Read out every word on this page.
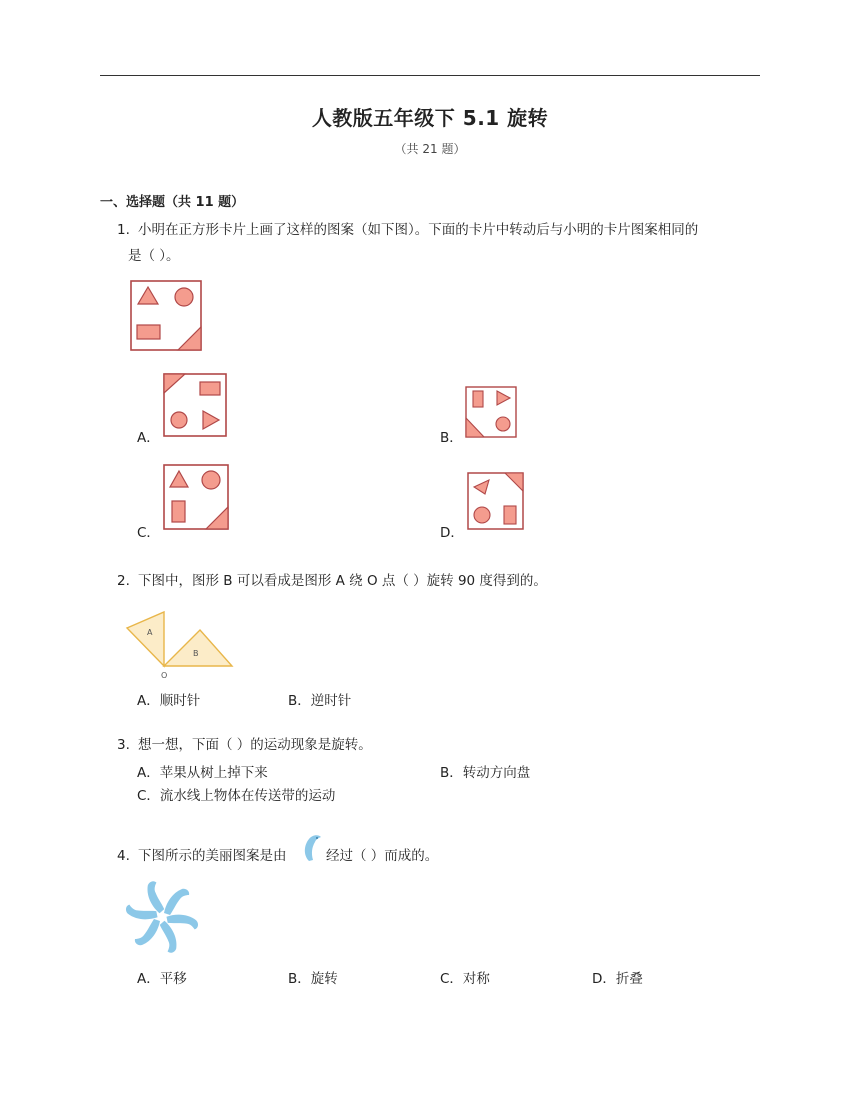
人教版五年级下 5.1 旋转
（共 21 题）
一、选择题（共 11 题）
1. 小明在正方形卡片上画了这样的图案（如下图）。下面的卡片中转动后与小明的卡片图案相同的
是（ ）。
A．	B．
C．	D．
2. 下图中，图形 B 可以看成是图形 A 绕 O 点（ ）旋转 90 度得到的。
A
B
O
A．顺时针	B．逆时针
3. 想一想，下面（ ）的运动现象是旋转。
A．苹果从树上掉下来	B．转动方向盘
C．流水线上物体在传送带的运动
4. 下图所示的美丽图案是由	经过（ ）而成的。
A．平移	B．旋转	C．对称	D．折叠
